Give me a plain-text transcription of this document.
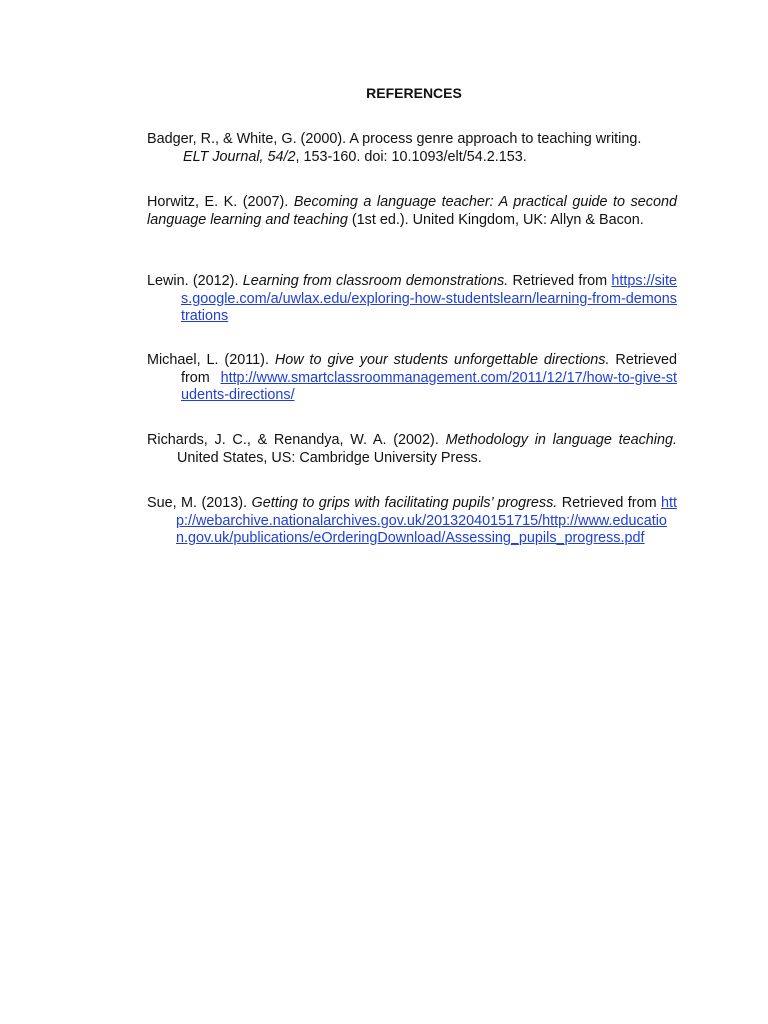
REFERENCES
Badger, R., & White, G. (2000). A process genre approach to teaching writing.
ELT Journal, 54/2, 153-160. doi: 10.1093/elt/54.2.153.
Horwitz, E. K. (2007). Becoming a language teacher: A practical guide to second language learning and teaching (1st ed.). United Kingdom, UK: Allyn & Bacon.
Lewin. (2012). Learning from classroom demonstrations. Retrieved from https://sites.google.com/a/uwlax.edu/exploring-how-studentslearn/learning-from-demonstrations
Michael, L. (2011). How to give your students unforgettable directions. Retrieved from http://www.smartclassroommanagement.com/2011/12/17/how-to-give-students-directions/
Richards, J. C., & Renandya, W. A. (2002). Methodology in language teaching. United States, US: Cambridge University Press.
Sue, M. (2013). Getting to grips with facilitating pupils’ progress. Retrieved from http://webarchive.nationalarchives.gov.uk/20132040151715/http://www.education.gov.uk/publications/eOrderingDownload/Assessing_pupils_progress.pdf
